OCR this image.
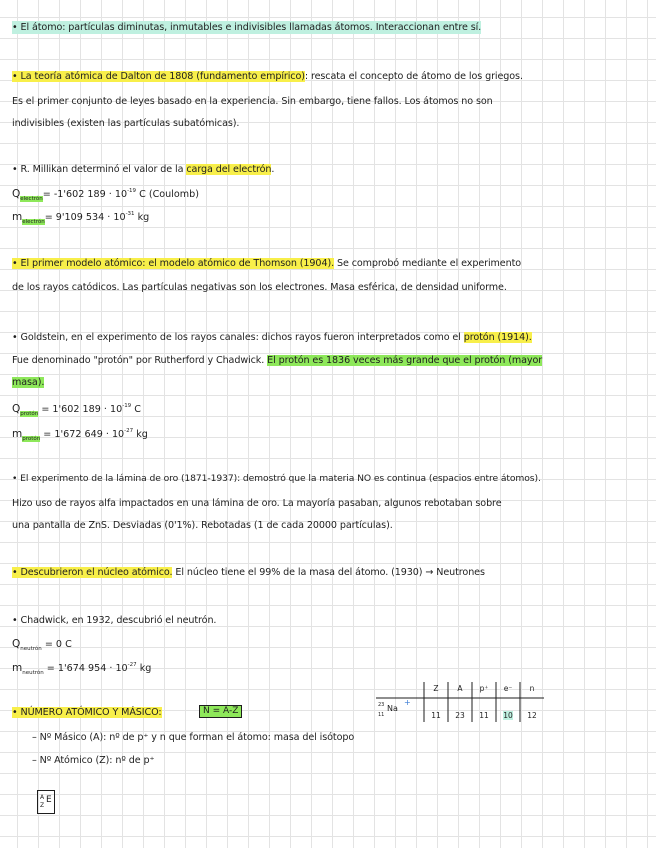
• El átomo: partículas diminutas, inmutables e indivisibles llamadas átomos. Interaccionan entre sí.
• La teoría atómica de Dalton de 1808 (fundamento empírico): rescata el concepto de átomo de los griegos.
Es el primer conjunto de leyes basado en la experiencia. Sin embargo, tiene fallos. Los átomos no son
indivisibles (existen las partículas subatómicas).
• R. Millikan determinó el valor de la carga del electrón.
$Q_{electrón}= -1'602$ $189 \cdot 10^{-19}$ C (Coulomb)
$m_{electrón}= 9'109$ $534 \cdot 10^{-31}$ kg
• El primer modelo atómico: el modelo atómico de Thomson (1904). Se comprobó mediante el experimento
de los rayos catódicos. Las partículas negativas son los electrones. Masa esférica, de densidad uniforme.
• Goldstein, en el experimento de los rayos canales: dichos rayos fueron interpretados como el protón (1914).
Fue denominado "protón" por Rutherford y Chadwick. El protón es 1836 veces más grande que el protón (mayor
masa).
$Q_{protón} = 1'602$ $189 \cdot 10^{-19}$ C
$m_{protón} = 1'672$ $649 \cdot 10^{-27}$ kg
• El experimento de la lámina de oro (1871-1937): demostró que la materia NO es continua (espacios entre átomos).
Hizo uso de rayos alfa impactados en una lámina de oro. La mayoría pasaban, algunos rebotaban sobre
una pantalla de ZnS. Desviadas (0'1%). Rebotadas (1 de cada 20000 partículas).
• Descubrieron el núcleo atómico. El núcleo tiene el 99% de la masa del átomo. (1930) → Neutrones
• Chadwick, en 1932, descubrió el neutrón.
$Q_{neutrón} = 0$ C
$m_{neutrón} = 1'674$ $954 \cdot 10^{-27}$ kg
• NÚMERO ATÓMICO Y MÁSICO:	N = A-Z
– Nº Másico (A): nº de p⁺ y n que forman el átomo: masa del isótopo
– Nº Atómico (Z): nº de p⁺
23
11
Na
+
Z	A	p⁺	e⁻	n
11	23	11	10	12
A
Z
E
